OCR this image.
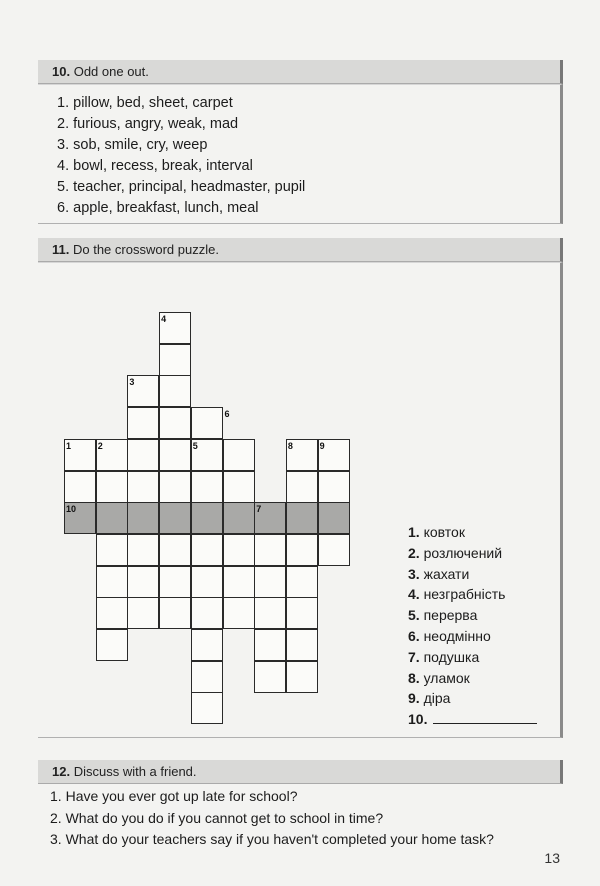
10. Odd one out.
1. pillow, bed, sheet, carpet
2. furious, angry, weak, mad
3. sob, smile, cry, weep
4. bowl, recess, break, interval
5. teacher, principal, headmaster, pupil
6. apple, breakfast, lunch, meal
11. Do the crossword puzzle.
1	2
3
4
5
6
7
8	9
10
1. ковток
2. розлючений
3. жахати
4. незграбність
5. перерва
6. неодмінно
7. подушка
8. уламок
9. діра
10.
12. Discuss with a friend.
1. Have you ever got up late for school?
2. What do you do if you cannot get to school in time?
3. What do your teachers say if you haven't completed your home task?
13
